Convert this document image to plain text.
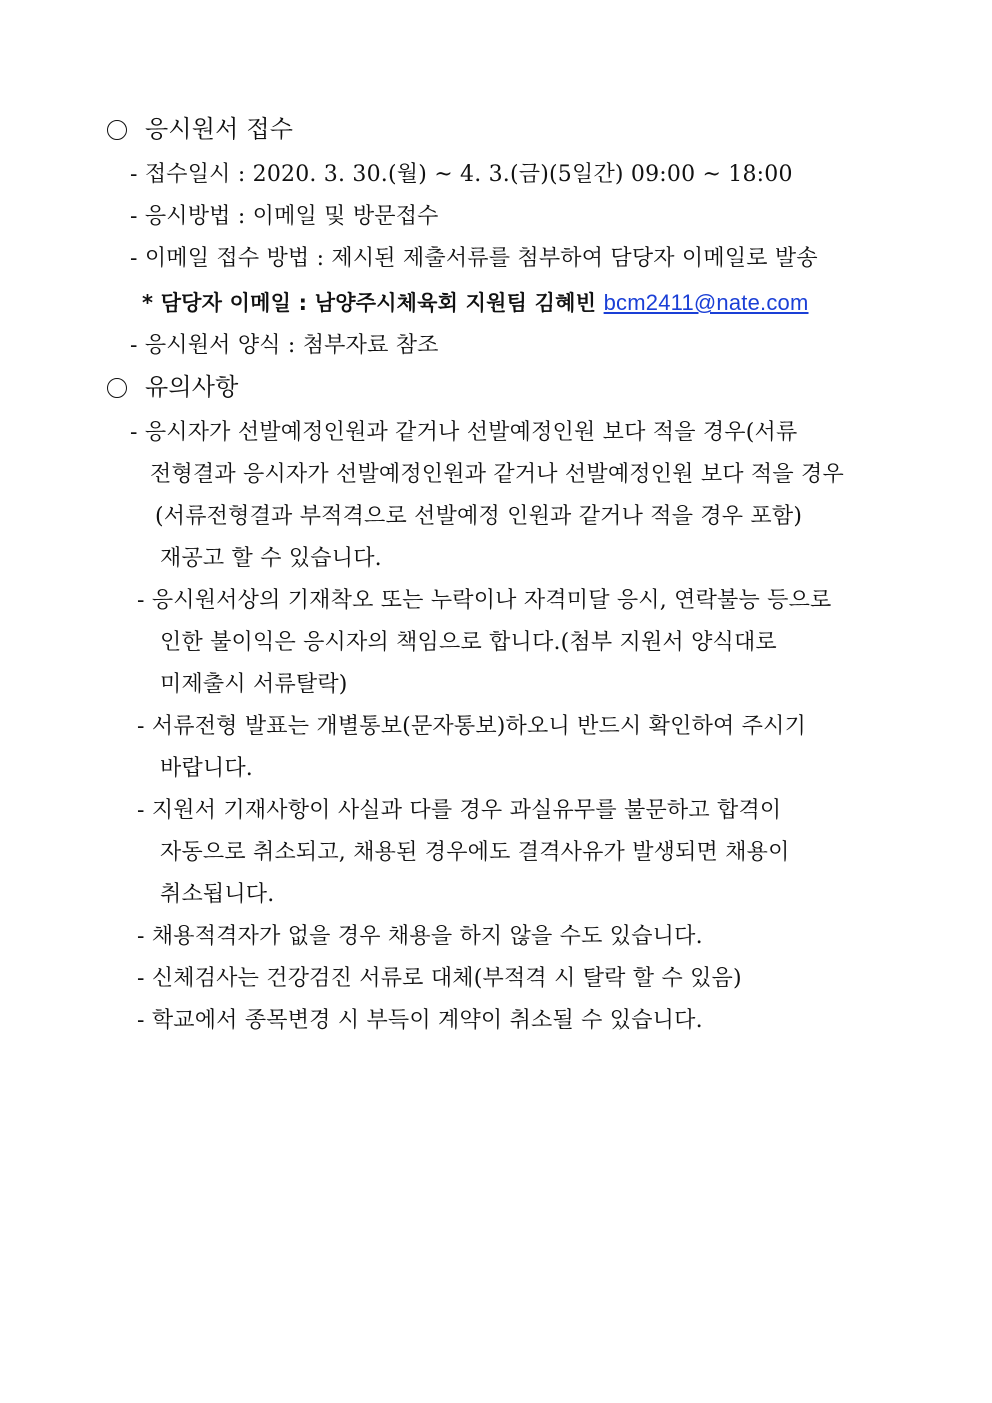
응시원서 접수
- 접수일시 : 2020. 3. 30.(월) ~ 4. 3.(금)(5일간) 09:00 ~ 18:00
- 응시방법 : 이메일 및 방문접수
- 이메일 접수 방법 : 제시된 제출서류를 첨부하여 담당자 이메일로 발송
* 담당자 이메일 : 남양주시체육회 지원팀 김혜빈 bcm2411@nate.com
- 응시원서 양식 : 첨부자료 참조
유의사항
- 응시자가 선발예정인원과 같거나 선발예정인원 보다 적을 경우(서류
전형결과 응시자가 선발예정인원과 같거나 선발예정인원 보다 적을 경우
(서류전형결과 부적격으로 선발예정 인원과 같거나 적을 경우 포함)
재공고 할 수 있습니다.
- 응시원서상의 기재착오 또는 누락이나 자격미달 응시, 연락불능 등으로
인한 불이익은 응시자의 책임으로 합니다.(첨부 지원서 양식대로
미제출시 서류탈락)
- 서류전형 발표는 개별통보(문자통보)하오니 반드시 확인하여 주시기
바랍니다.
- 지원서 기재사항이 사실과 다를 경우 과실유무를 불문하고 합격이
자동으로 취소되고, 채용된 경우에도 결격사유가 발생되면 채용이
취소됩니다.
- 채용적격자가 없을 경우 채용을 하지 않을 수도 있습니다.
- 신체검사는 건강검진 서류로 대체(부적격 시 탈락 할 수 있음)
- 학교에서 종목변경 시 부득이 계약이 취소될 수 있습니다.
